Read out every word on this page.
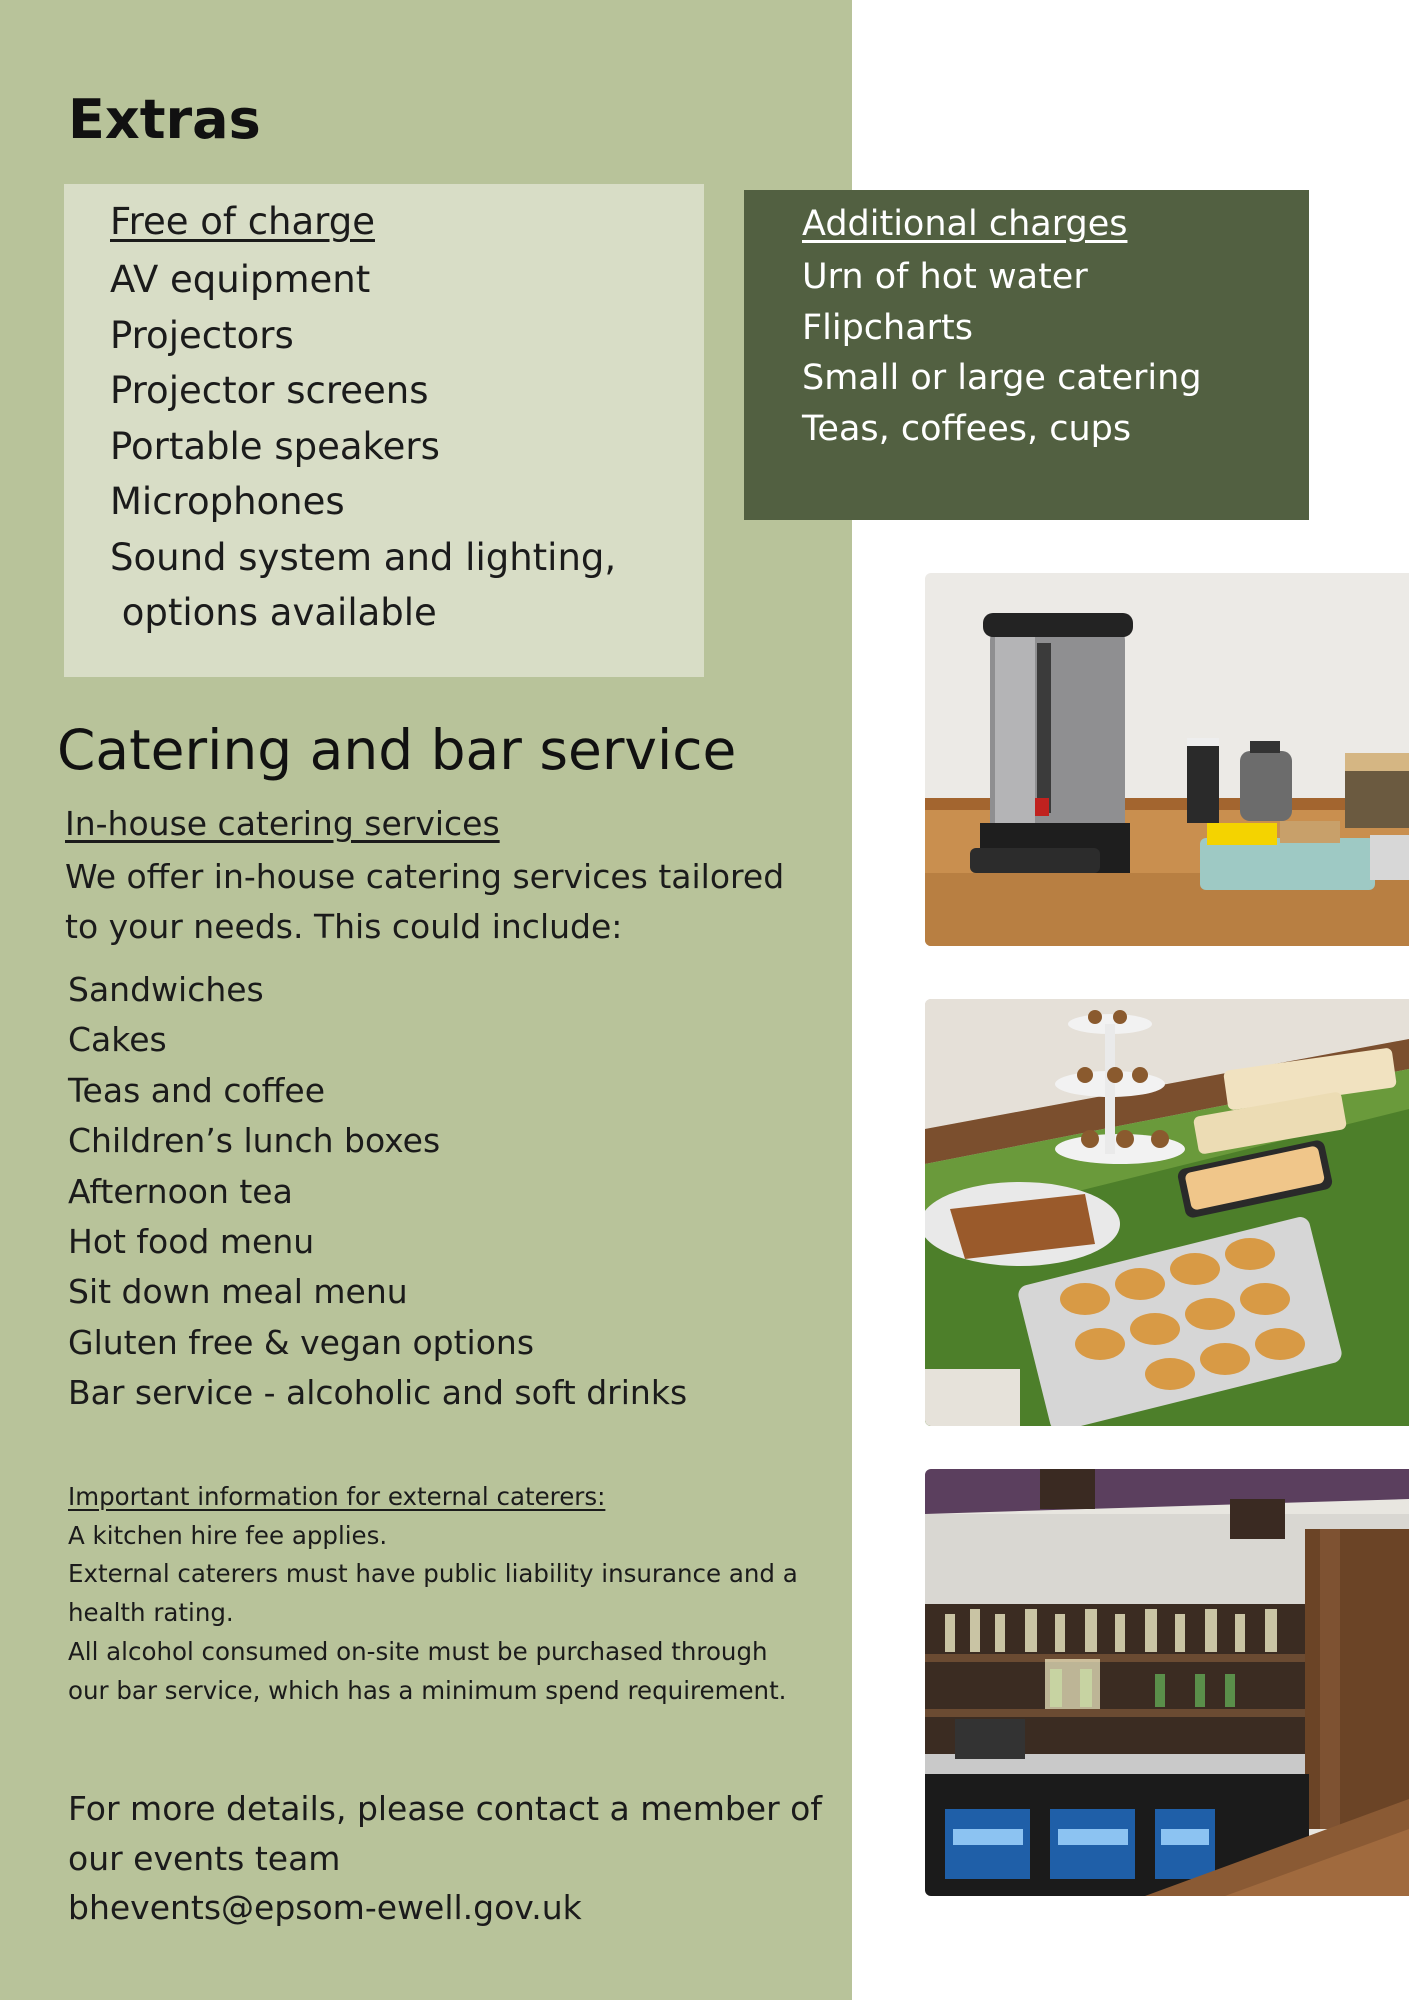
Extras
Free of charge
AV equipment
Projectors
Projector screens
Portable speakers
Microphones
Sound system and lighting,
options available
Additional charges
Urn of hot water
Flipcharts
Small or large catering
Teas, coffees, cups
Catering and bar service
In-house catering services

We offer in-house catering services tailored to your needs. This could include:

Sandwiches
Cakes
Teas and coffee
Children’s lunch boxes
Afternoon tea
Hot food menu
Sit down meal menu
Gluten free & vegan options
Bar service - alcoholic and soft drinks

Important information for external caterers:

A kitchen hire fee applies.

External caterers must have public liability insurance and a health rating.

All alcohol consumed on-site must be purchased through our bar service, which has a minimum spend requirement.

For more details, please contact a member of our events team

bhevents@epsom-ewell.gov.uk
